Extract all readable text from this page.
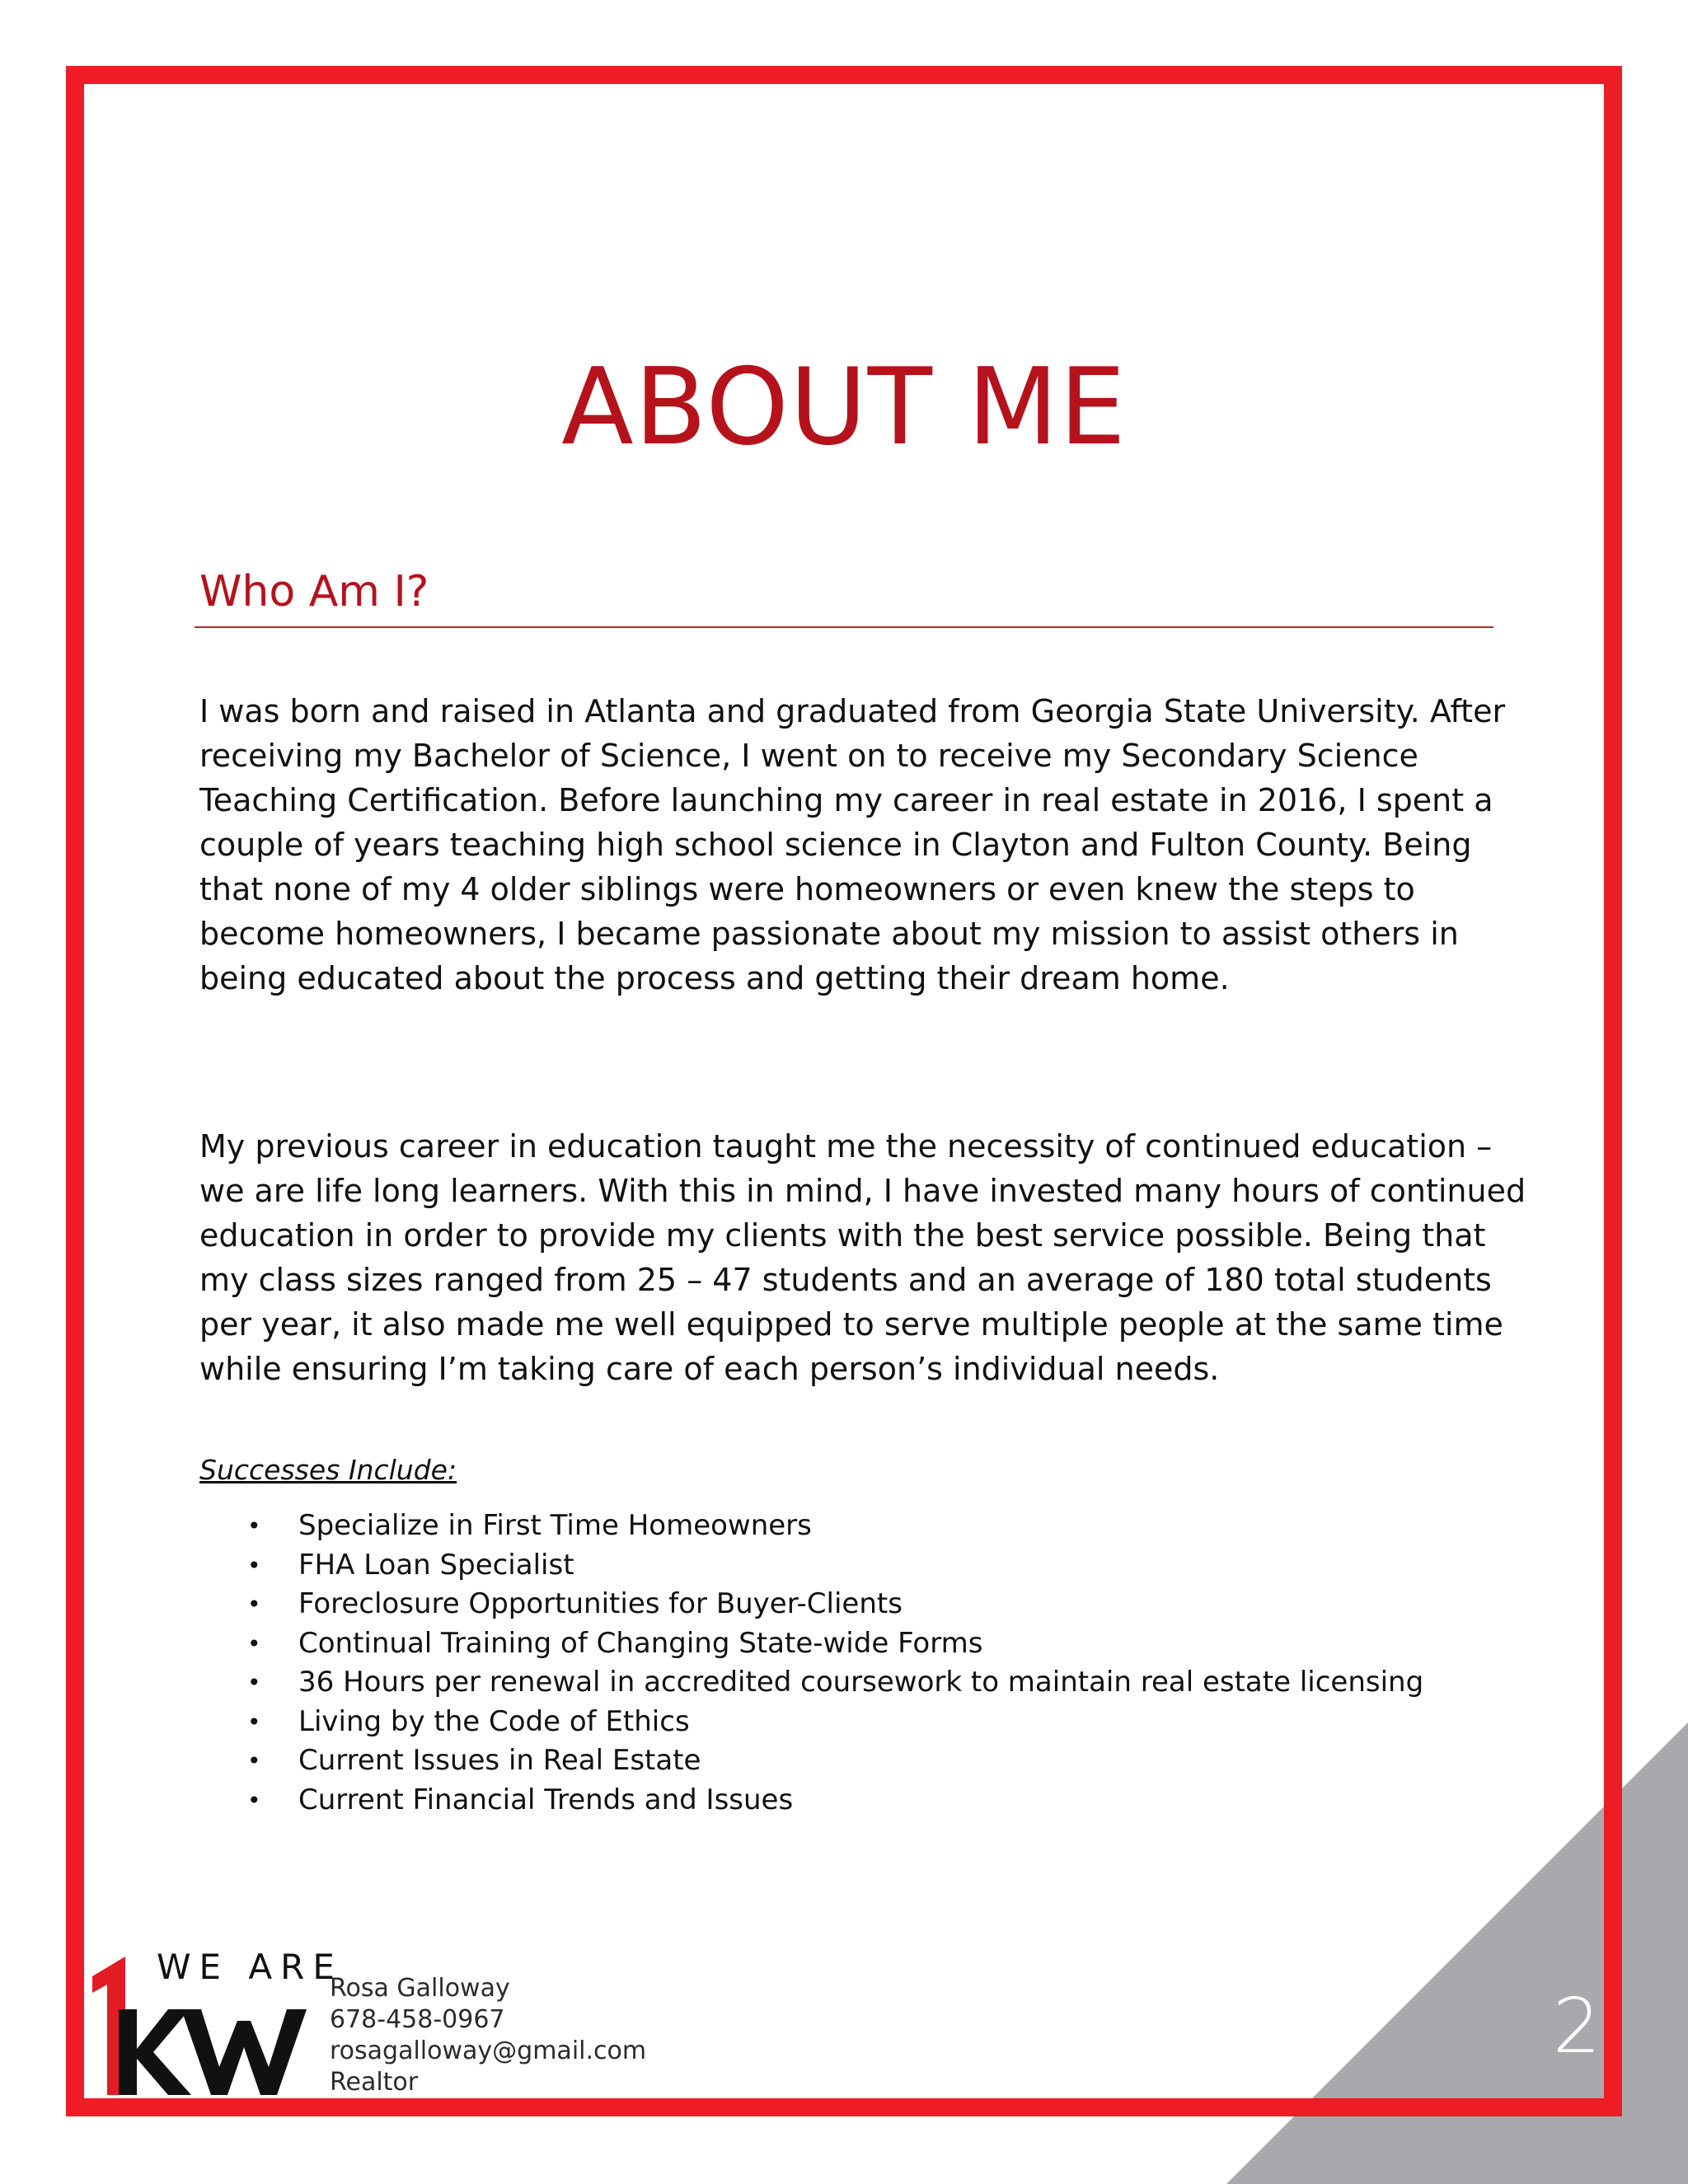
2
ABOUT ME
Who Am I?

I was born and raised in Atlanta and graduated from Georgia State University. After receiving my Bachelor of Science, I went on to receive my Secondary Science Teaching Certification. Before launching my career in real estate in 2016, I spent a couple of years teaching high school science in Clayton and Fulton County. Being that none of my 4 older siblings were homeowners or even knew the steps to become homeowners, I became passionate about my mission to assist others in being educated about the process and getting their dream home.

My previous career in education taught me the necessity of continued education – we are life long learners. With this in mind, I have invested many hours of continued education in order to provide my clients with the best service possible. Being that my class sizes ranged from 25 – 47 students and an average of 180 total students per year, it also made me well equipped to serve multiple people at the same time while ensuring I’m taking care of each person’s individual needs.

Successes Include:
• Specialize in First Time Homeowners
• FHA Loan Specialist
• Foreclosure Opportunities for Buyer-Clients
• Continual Training of Changing State-wide Forms
• 36 Hours per renewal in accredited coursework to maintain real estate licensing
• Living by the Code of Ethics
• Current Issues in Real Estate
• Current Financial Trends and Issues
WE ARE
Rosa Galloway
678-458-0967
rosagalloway@gmail.com
Realtor
